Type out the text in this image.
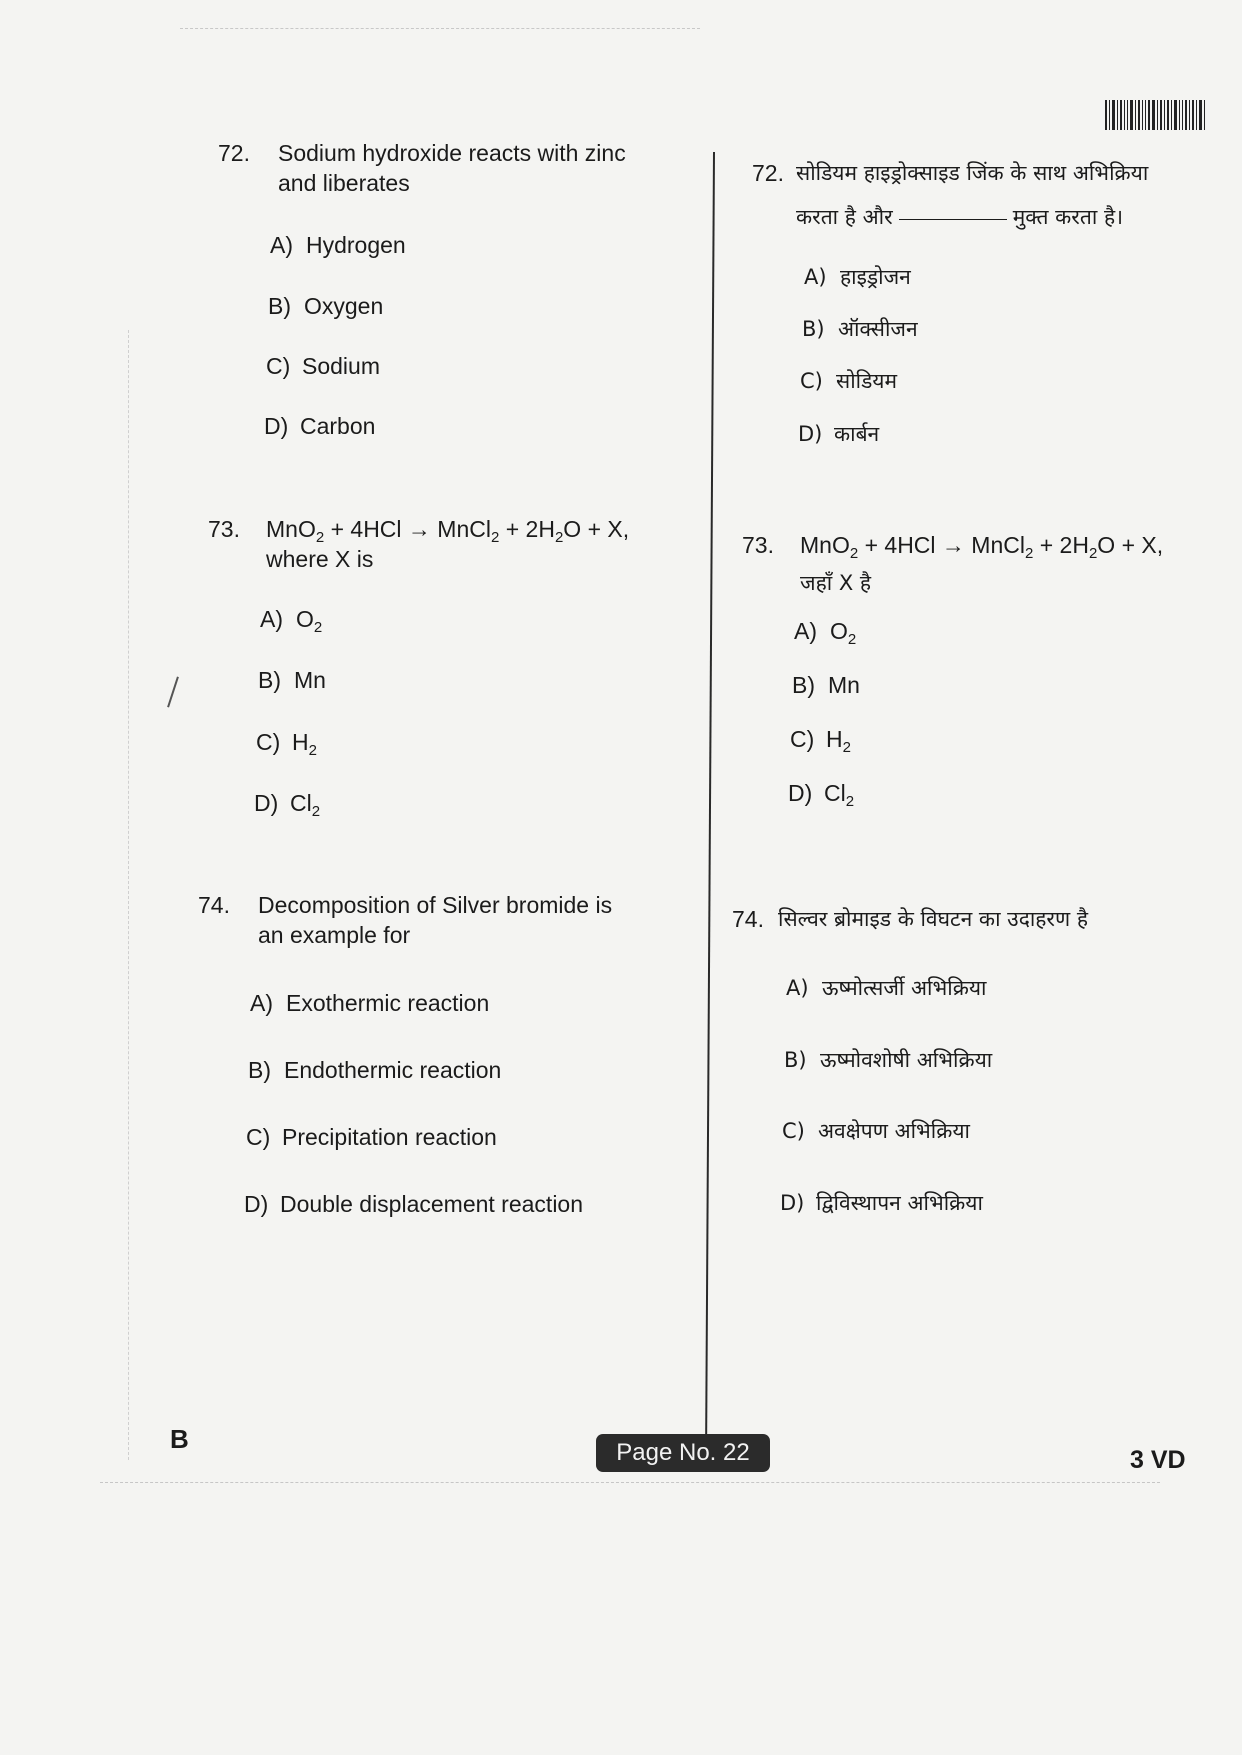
72. Sodium hydroxide reacts with zinc
and liberates
A) Hydrogen
B) Oxygen
C) Sodium
D) Carbon
73. MnO$_2$ + 4HCl → MnCl$_2$ + $2H_2O + X$,
where X is
A) $O_2$
B) Mn
C) $H_2$
D) $Cl_2$
74. Decomposition of Silver bromide is
an example for
A) Exothermic reaction
B) Endothermic reaction
C) Precipitation reaction
D) Double displacement reaction
72. सोडियम हाइड्रोक्साइड जिंक के साथ अभिक्रिया
करता है और	मुक्त करता है।
A) हाइड्रोजन
B) ऑक्सीजन
C) सोडियम
D) कार्बन
73. MnO$_2$ + 4HCl → MnCl$_2$ + $2H_2O + X$,
जहाँ X है
A) $O_2$
B) Mn
C) $H_2$
D) $Cl_2$
74. सिल्वर ब्रोमाइड के विघटन का उदाहरण है
A) ऊष्मोत्सर्जी अभिक्रिया
B) ऊष्मोवशोषी अभिक्रिया
C) अवक्षेपण अभिक्रिया
D) द्विविस्थापन अभिक्रिया
B	Page No. 22	3 VD
